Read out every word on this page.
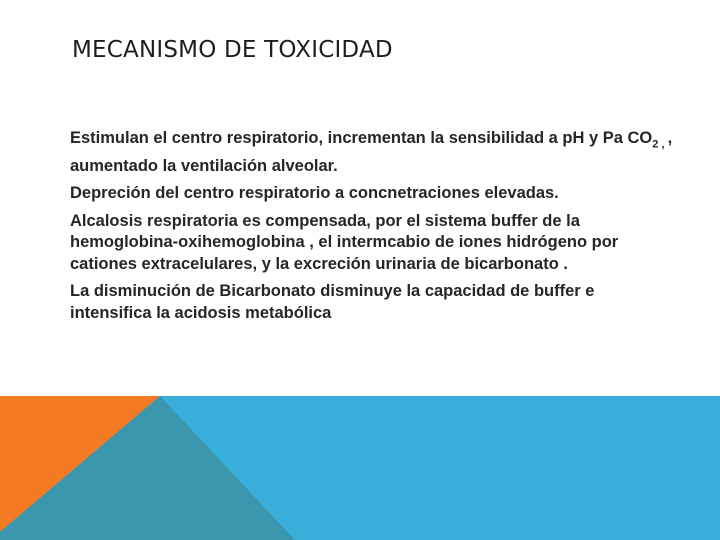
MECANISMO DE TOXICIDAD

Estimulan el centro respiratorio, incrementan la sensibilidad a pH y Pa $CO_{2 ,}$ , aumentado la ventilación alveolar.

Depreción del centro respiratorio a concnetraciones elevadas.

Alcalosis respiratoria es compensada, por el sistema buffer de la hemoglobina-oxihemoglobina , el intermcabio de iones hidrógeno por cationes extracelulares, y la excreción urinaria de bicarbonato .

La disminución de Bicarbonato disminuye la capacidad de buffer e intensifica la acidosis metabólica
